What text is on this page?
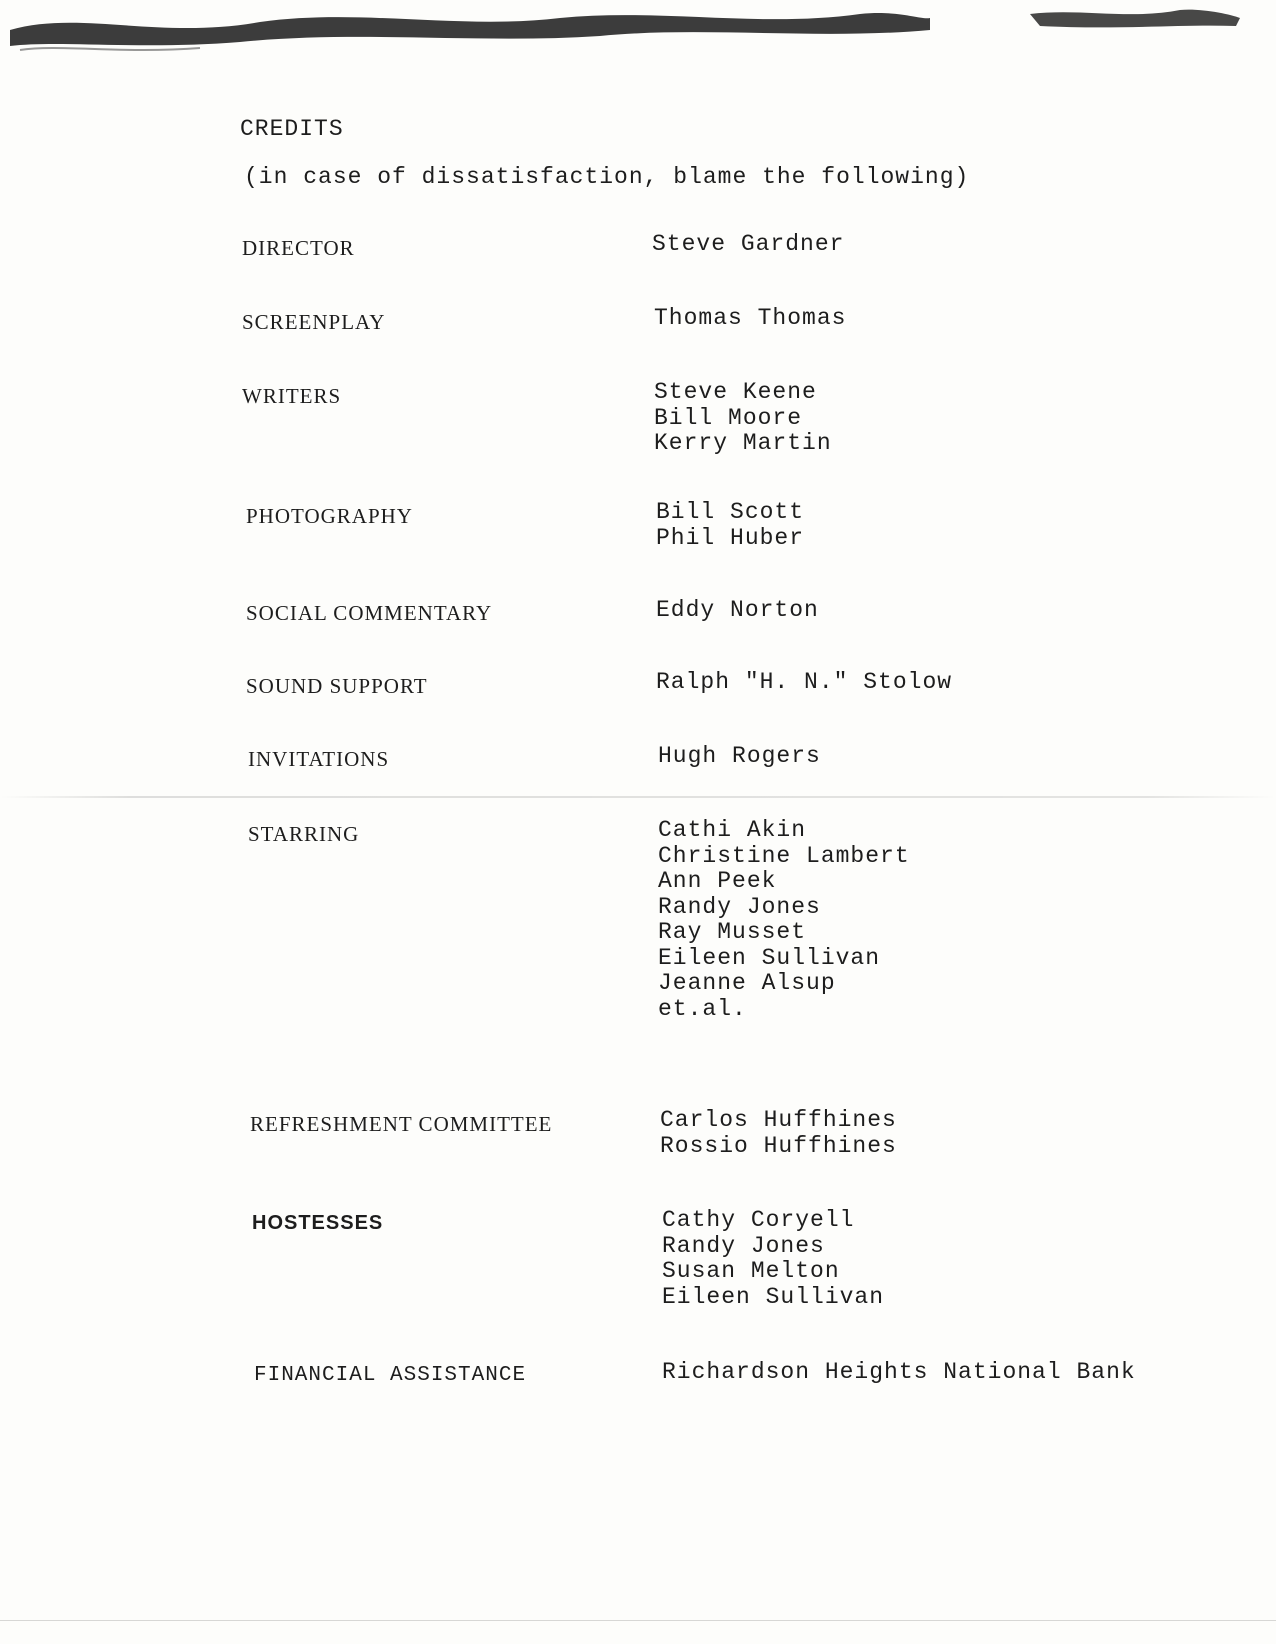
CREDITS
(in case of dissatisfaction, blame the following)
DIRECTOR	Steve Gardner
SCREENPLAY	Thomas Thomas
WRITERS	Steve Keene
Bill Moore
Kerry Martin
PHOTOGRAPHY	Bill Scott
Phil Huber
SOCIAL COMMENTARY	Eddy Norton
SOUND SUPPORT	Ralph "H. N." Stolow
INVITATIONS	Hugh Rogers
STARRING	Cathi Akin
Christine Lambert
Ann Peek
Randy Jones
Ray Musset
Eileen Sullivan
Jeanne Alsup
et.al.
REFRESHMENT COMMITTEE	Carlos Huffhines
Rossio Huffhines
HOSTESSES	Cathy Coryell
Randy Jones
Susan Melton
Eileen Sullivan
FINANCIAL ASSISTANCE	Richardson Heights National Bank
